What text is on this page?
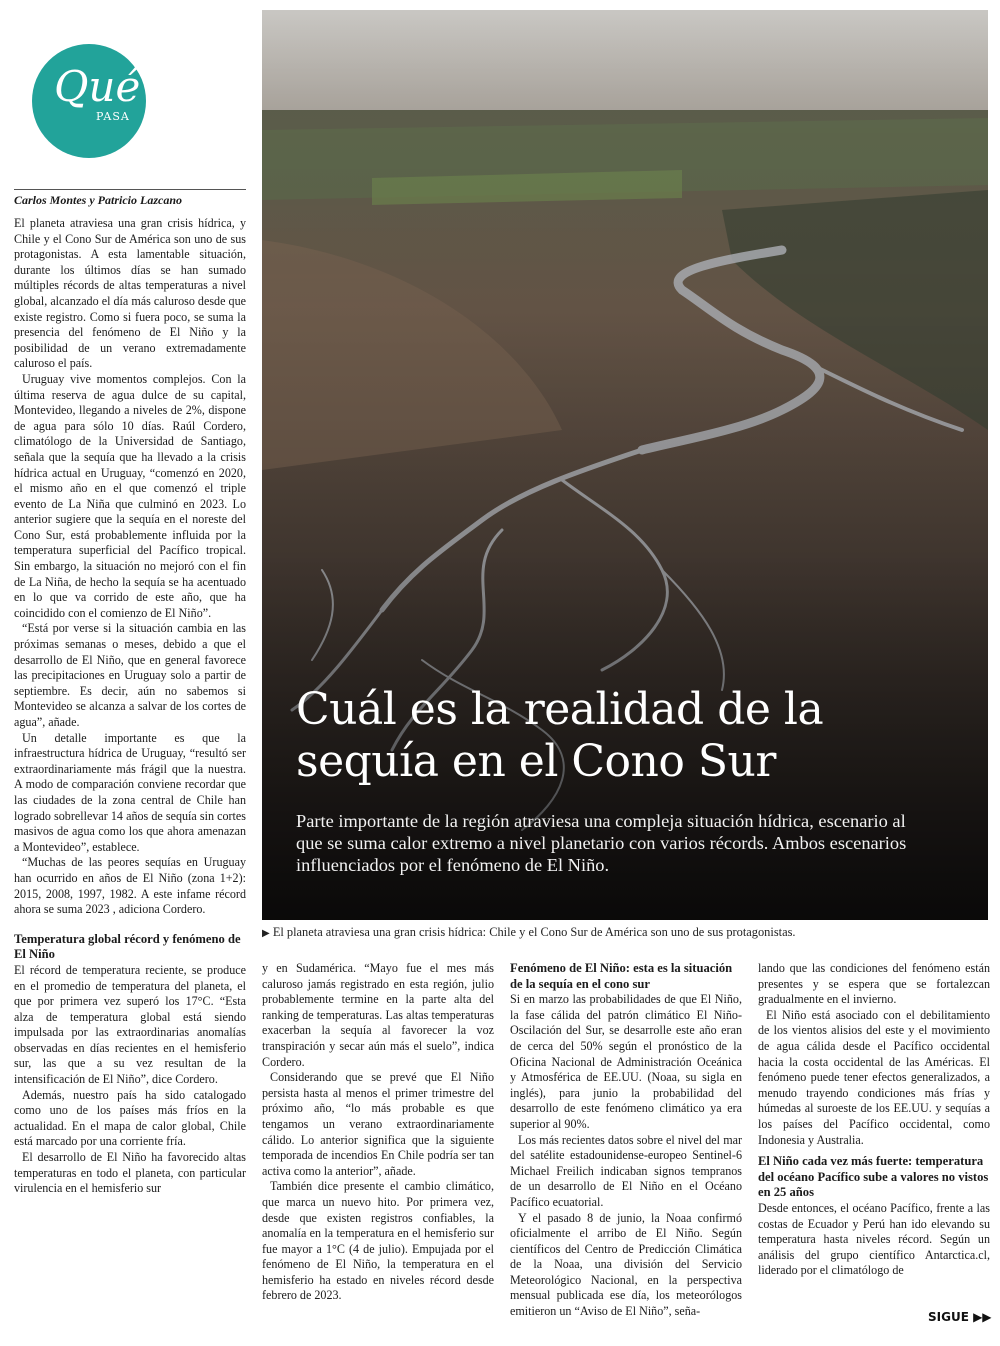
Qué
PASA
Carlos Montes y Patricio Lazcano

El planeta atraviesa una gran crisis hídrica, y Chile y el Cono Sur de América son uno de sus protagonistas. A esta lamentable situación, durante los últimos días se han sumado múltiples récords de altas temperaturas a nivel global, alcanzado el día más caluroso desde que existe registro. Como si fuera poco, se suma la presencia del fenómeno de El Niño y la posibilidad de un verano extremadamente caluroso el país.

Uruguay vive momentos complejos. Con la última reserva de agua dulce de su capital, Montevideo, llegando a niveles de 2%, dispone de agua para sólo 10 días. Raúl Cordero, climatólogo de la Universidad de Santiago, señala que la sequía que ha llevado a la crisis hídrica actual en Uruguay, “comenzó en 2020, el mismo año en el que comenzó el triple evento de La Niña que culminó en 2023. Lo anterior sugiere que la sequía en el noreste del Cono Sur, está probablemente influida por la temperatura superficial del Pacífico tropical. Sin embargo, la situación no mejoró con el fin de La Niña, de hecho la sequía se ha acentuado en lo que va corrido de este año, que ha coincidido con el comienzo de El Niño”.

“Está por verse si la situación cambia en las próximas semanas o meses, debido a que el desarrollo de El Niño, que en general favorece las precipitaciones en Uruguay solo a partir de septiembre. Es decir, aún no sabemos si Montevideo se alcanza a salvar de los cortes de agua”, añade.

Un detalle importante es que la infraestructura hídrica de Uruguay, “resultó ser extraordinariamente más frágil que la nuestra. A modo de comparación conviene recordar que las ciudades de la zona central de Chile han logrado sobrellevar 14 años de sequía sin cortes masivos de agua como los que ahora amenazan a Montevideo”, establece.

“Muchas de las peores sequías en Uruguay han ocurrido en años de El Niño (zona 1+2): 2015, 2008, 1997, 1982. A este infame récord ahora se suma 2023 , adiciona Cordero.

Temperatura global récord y fenómeno de El Niño

El récord de temperatura reciente, se produce en el promedio de temperatura del planeta, el que por primera vez superó los 17°C. “Esta alza de temperatura global está siendo impulsada por las extraordinarias anomalías observadas en días recientes en el hemisferio sur, las que a su vez resultan de la intensificación de El Niño”, dice Cordero.

Además, nuestro país ha sido catalogado como uno de los países más fríos en la actualidad. En el mapa de calor global, Chile está marcado por una corriente fría.

El desarrollo de El Niño ha favorecido altas temperaturas en todo el planeta, con particular virulencia en el hemisferio sur

Cuál es la realidad de la
sequía en el Cono Sur
Parte importante de la región atraviesa una compleja situación hídrica, escenario al que se suma calor extremo a nivel planetario con varios récords. Ambos escenarios influenciados por el fenómeno de El Niño.
▶ El planeta atraviesa una gran crisis hídrica: Chile y el Cono Sur de América son uno de sus protagonistas.

y en Sudamérica. “Mayo fue el mes más caluroso jamás registrado en esta región, julio probablemente termine en la parte alta del ranking de temperaturas. Las altas temperaturas exacerban la sequía al favorecer la voz transpiración y secar aún más el suelo”, indica Cordero.

Considerando que se prevé que El Niño persista hasta al menos el primer trimestre del próximo año, “lo más probable es que tengamos un verano extraordinariamente cálido. Lo anterior significa que la siguiente temporada de incendios En Chile podría ser tan activa como la anterior”, añade.

También dice presente el cambio climático, que marca un nuevo hito. Por primera vez, desde que existen registros confiables, la anomalía en la temperatura en el hemisferio sur fue mayor a 1°C (4 de julio). Empujada por el fenómeno de El Niño, la temperatura en el hemisferio ha estado en niveles récord desde febrero de 2023.

Fenómeno de El Niño: esta es la situación de la sequía en el cono sur

Si en marzo las probabilidades de que El Niño, la fase cálida del patrón climático El Niño-Oscilación del Sur, se desarrolle este año eran de cerca del 50% según el pronóstico de la Oficina Nacional de Administración Oceánica y Atmosférica de EE.UU. (Noaa, su sigla en inglés), para junio la probabilidad del desarrollo de este fenómeno climático ya era superior al 90%.

Los más recientes datos sobre el nivel del mar del satélite estadounidense-europeo Sentinel-6 Michael Freilich indicaban signos tempranos de un desarrollo de El Niño en el Océano Pacífico ecuatorial.

Y el pasado 8 de junio, la Noaa confirmó oficialmente el arribo de El Niño. Según científicos del Centro de Predicción Climática de la Noaa, una división del Servicio Meteorológico Nacional, en la perspectiva mensual publicada ese día, los meteorólogos emitieron un “Aviso de El Niño”, seña-

lando que las condiciones del fenómeno están presentes y se espera que se fortalezcan gradualmente en el invierno.

El Niño está asociado con el debilitamiento de los vientos alisios del este y el movimiento de agua cálida desde el Pacífico occidental hacia la costa occidental de las Américas. El fenómeno puede tener efectos generalizados, a menudo trayendo condiciones más frías y húmedas al suroeste de los EE.UU. y sequías a los países del Pacífico occidental, como Indonesia y Australia.

El Niño cada vez más fuerte: temperatura del océano Pacífico sube a valores no vistos en 25 años

Desde entonces, el océano Pacífico, frente a las costas de Ecuador y Perú han ido elevando su temperatura hasta niveles récord. Según un análisis del grupo científico Antarctica.cl, liderado por el climatólogo de

SIGUE ▶▶
